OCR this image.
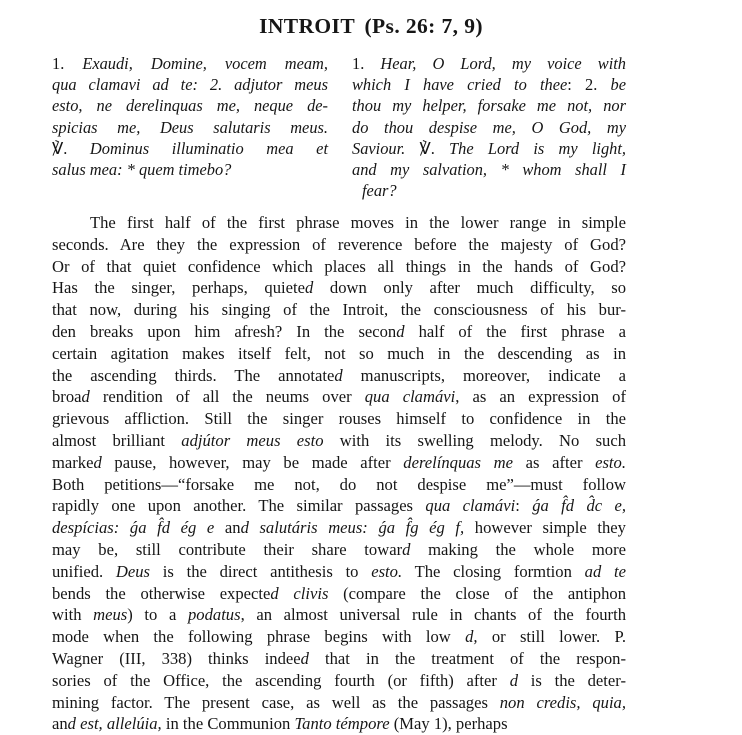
INTROIT (Ps. 26: 7, 9)
1. Exaudi, Domine, vocem meam,
qua clamavi ad te: 2. adjutor meus
esto, ne derelinquas me, neque de-
spicias me, Deus salutaris meus.
℣. Dominus illuminatio mea et
salus mea: * quem timebo?
1. Hear, O Lord, my voice with
which I have cried to thee: 2. be
thou my helper, forsake me not, nor
do thou despise me, O God, my
Saviour. ℣. The Lord is my light,
and my salvation, * whom shall I
fear?
The first half of the first phrase moves in the lower range in simple
seconds. Are they the expression of reverence before the majesty of God?
Or of that quiet confidence which places all things in the hands of God?
Has the singer, perhaps, quieted down only after much difficulty, so
that now, during his singing of the Introit, the consciousness of his bur-
den breaks upon him afresh? In the second half of the first phrase a
certain agitation makes itself felt, not so much in the descending as in
the ascending thirds. The annotated manuscripts, moreover, indicate a
broad rendition of all the neums over qua clamávi, as an expression of
grievous affliction. Still the singer rouses himself to confidence in the
almost brilliant adjútor meus esto with its swelling melody. No such
marked pause, however, may be made after derelínquas me as after esto.
Both petitions—“forsake me not, do not despise me”—must follow
rapidly one upon another. The similar passages qua clamávi: ǵa f̂d d̂c e,
despícias: ǵa f̂d ég e and salutáris meus: ǵa f̂g ég f, however simple they
may be, still contribute their share toward making the whole more
unified. Deus is the direct antithesis to esto. The closing formtion ad te
bends the otherwise expected clivis (compare the close of the antiphon
with meus) to a podatus, an almost universal rule in chants of the fourth
mode when the following phrase begins with low d, or still lower. P.
Wagner (III, 338) thinks indeed that in the treatment of the respon-
sories of the Office, the ascending fourth (or fifth) after d is the deter-
mining factor. The present case, as well as the passages non credis, quia,
and est, allelúia, in the Communion Tanto témpore (May 1), perhaps
